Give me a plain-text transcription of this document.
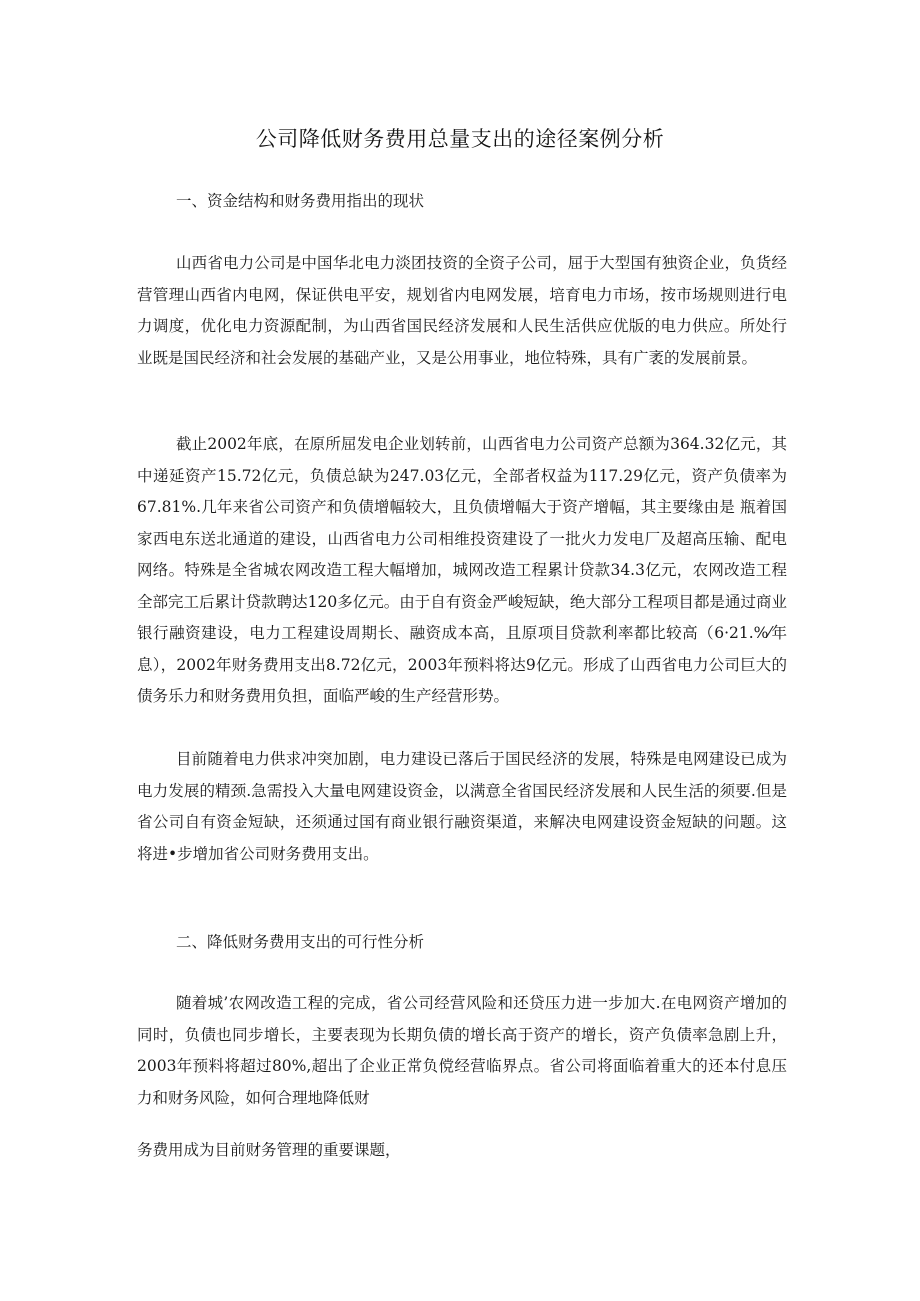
公司降低财务费用总量支出的途径案例分析
一、资金结构和财务费用指出的现状
山西省电力公司是中国华北电力淡团技资的全资子公司，屈于大型国有独资企业，负货经营管理山西省内电网，保证供电平安，规划省内电网发展，培育电力市场，按市场规则进行电力调度，优化电力资源配制，为山西省国民经济发展和人民生活供应优版的电力供应。所处行业既是国民经济和社会发展的基础产业，又是公用事业，地位特殊，具有广袤的发展前景。
截止2002年底，在原所屈发电企业划转前，山西省电力公司资产总额为364.32亿元，其中递延资产15.72亿元，负债总缺为247.03亿元，全部者权益为117.29亿元，资产负债率为67.81%.几年来省公司资产和负债增幅较大，且负债增幅大于资产增幅，其主要缘由是 瓶着国家西电东送北通道的建设，山西省电力公司相维投资建设了一批火力发电厂及超高压输、配电网络。特殊是全省城农网改造工程大幅增加，城网改造工程累计贷款34.3亿元，农网改造工程全部完工后累计贷款聘达120多亿元。由于自有资金严峻短缺，绝大部分工程项目都是通过商业银行融资建设，电力工程建设周期长、融资成本高，且原项目贷款利率都比较高（6·21.%⁄年息），2002年财务费用支出8.72亿元，2003年预料将达9亿元。形成了山西省电力公司巨大的债务乐力和财务费用负担，面临严峻的生产经营形势。
目前随着电力供求冲突加剧，电力建设已落后于国民经济的发展，特殊是电网建设已成为电力发展的精颈.急需投入大量电网建设资金，以满意全省国民经济发展和人民生活的须要.但是省公司自有资金短缺，还须通过国有商业银行融资渠道，来解决电网建设资金短缺的问题。这将进•步增加省公司财务费用支出。
二、降低财务费用支出的可行性分析
随着城’农网改造工程的完成，省公司经营风险和还贷压力进一步加大.在电网资产增加的同时，负债也同步增长，主要表现为长期负债的增长高于资产的增长，资产负债率急剧上升，2003年预料将超过80%,超出了企业正常负傥经营临界点。省公司将面临着重大的还本付息压力和财务风险，如何合理地降低财
务费用成为目前财务管理的重要课题，
